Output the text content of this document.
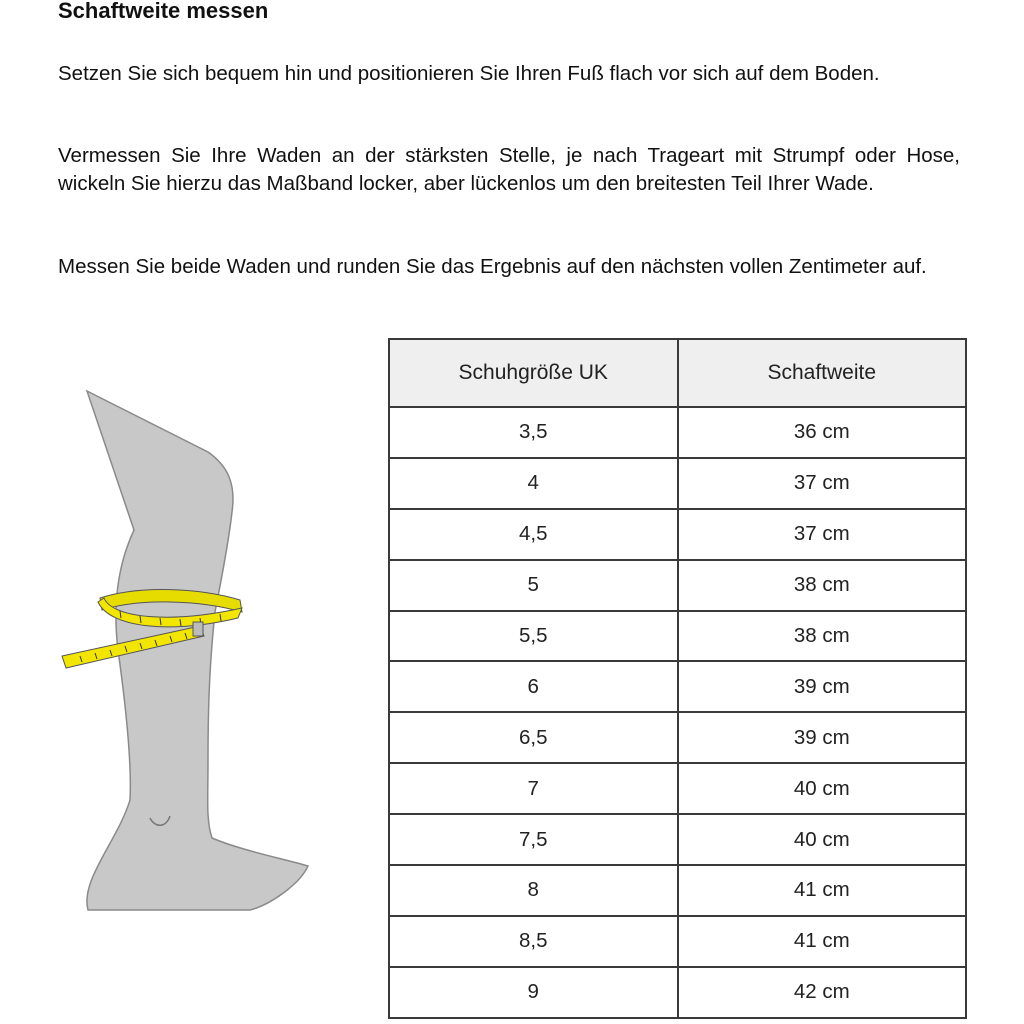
Schaftweite messen

Setzen Sie sich bequem hin und positionieren Sie Ihren Fuß flach vor sich auf dem Boden.

Vermessen Sie Ihre Waden an der stärksten Stelle, je nach Trageart mit Strumpf oder Hose, wickeln Sie hierzu das Maßband locker, aber lückenlos um den breitesten Teil Ihrer Wade.

Messen Sie beide Waden und runden Sie das Ergebnis auf den nächsten vollen Zentimeter auf.

Schuhgröße UK	Schaftweite
3,5	36 cm
4	37 cm
4,5	37 cm
5	38 cm
5,5	38 cm
6	39 cm
6,5	39 cm
7	40 cm
7,5	40 cm
8	41 cm
8,5	41 cm
9	42 cm
